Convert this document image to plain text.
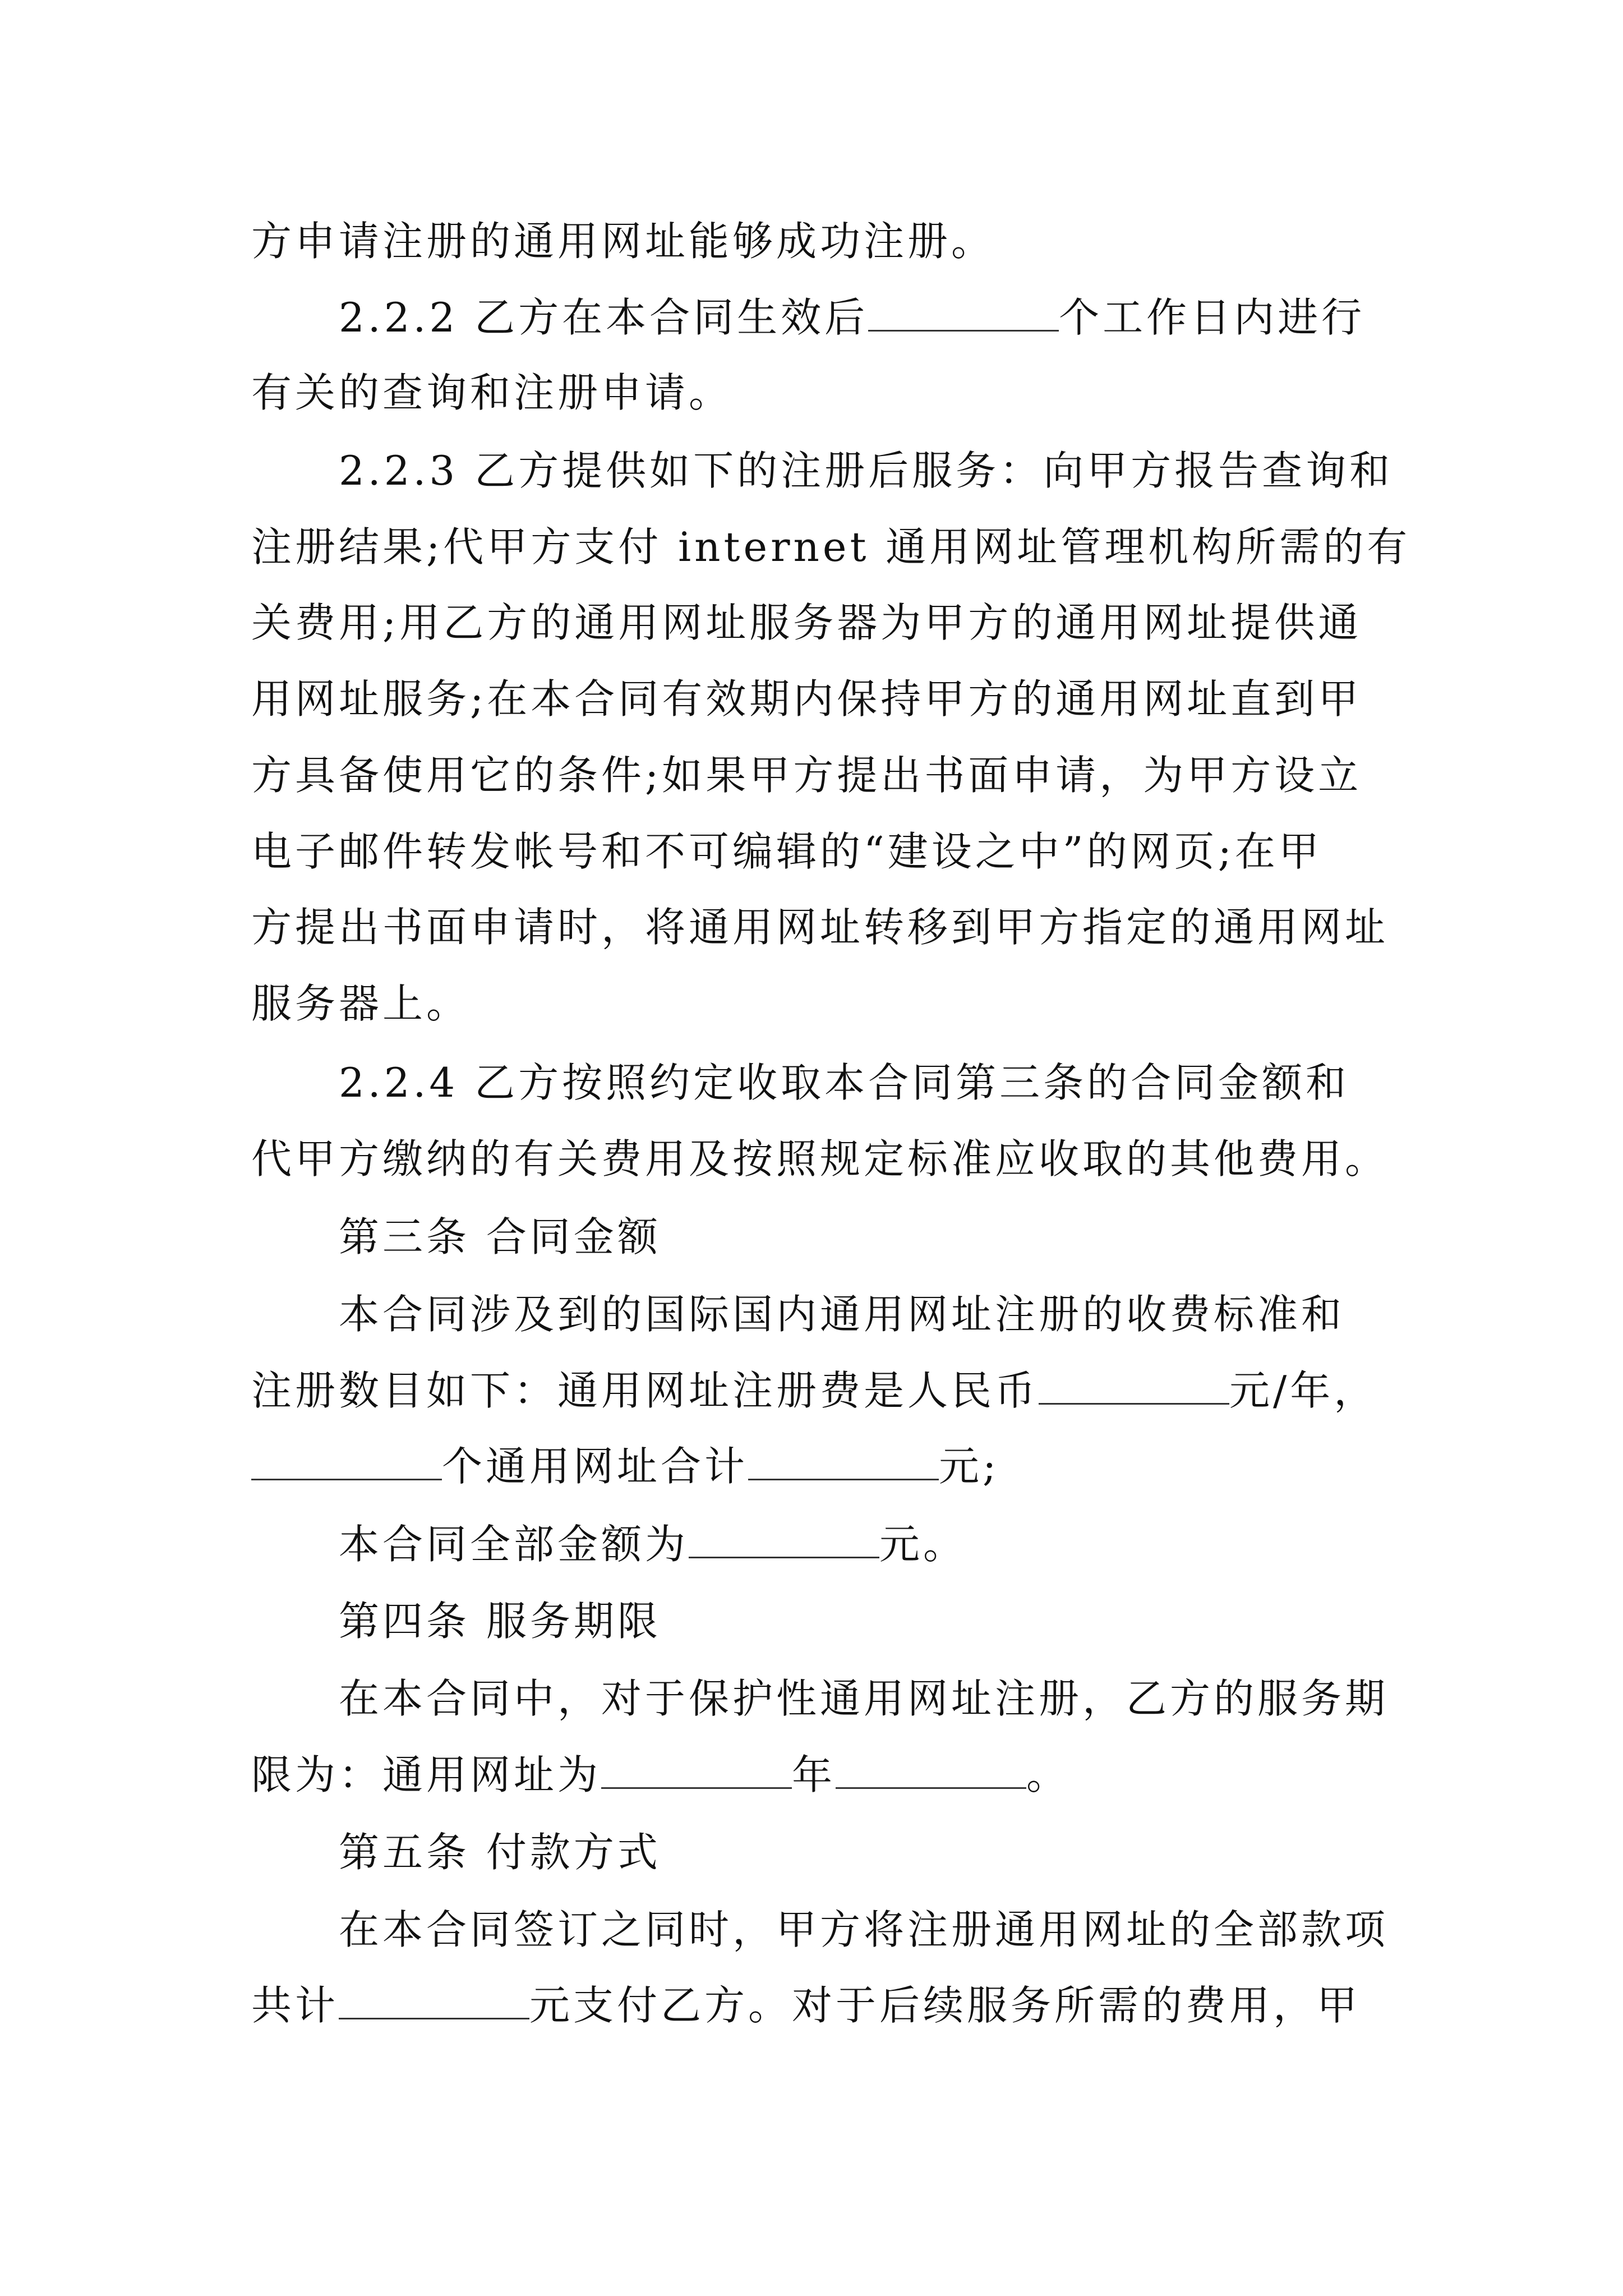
方申请注册的通用网址能够成功注册。

2.2.2 乙方在本合同生效后	个工作日内进行

有关的查询和注册申请。

2.2.3 乙方提供如下的注册后服务：向甲方报告查询和

注册结果;代甲方支付 internet 通用网址管理机构所需的有

关费用;用乙方的通用网址服务器为甲方的通用网址提供通

用网址服务;在本合同有效期内保持甲方的通用网址直到甲

方具备使用它的条件;如果甲方提出书面申请，为甲方设立

电子邮件转发帐号和不可编辑的“建设之中”的网页;在甲

方提出书面申请时，将通用网址转移到甲方指定的通用网址

服务器上。

2.2.4 乙方按照约定收取本合同第三条的合同金额和

代甲方缴纳的有关费用及按照规定标准应收取的其他费用。

第三条 合同金额

本合同涉及到的国际国内通用网址注册的收费标准和

注册数目如下：通用网址注册费是人民币	元/年，

个通用网址合计	元;

本合同全部金额为	元。

第四条 服务期限

在本合同中，对于保护性通用网址注册，乙方的服务期

限为：通用网址为	年	。

第五条 付款方式

在本合同签订之同时，甲方将注册通用网址的全部款项

共计	元支付乙方。对于后续服务所需的费用，甲
